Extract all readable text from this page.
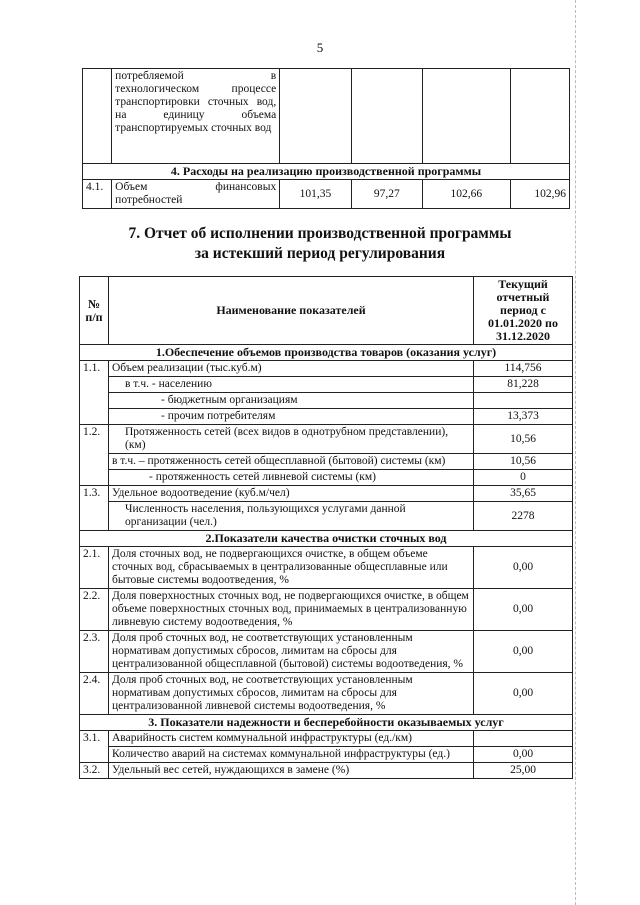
5
	потребляемой в технологическом процессе транспортировки сточных вод, на единицу объема транспортируемых сточных вод				
4. Расходы на реализацию производственной программы					
4.1.	Объем финансовых потребностей	101,35	97,27	102,66	102,96
7. Отчет об исполнении производственной программы
за истекший период регулирования
№ п/п	Наименование показателей	Текущий отчетный период с 01.01.2020 по 31.12.2020
1.Обеспечение объемов производства товаров (оказания услуг)		
1.1.	Объем реализации (тыс.куб.м)	114,756
	в т.ч. - населению	81,228
	- бюджетным организациям	
	- прочим потребителям	13,373
1.2.	Протяженность сетей (всех видов в однотрубном представлении), (км)	10,56
	в т.ч. – протяженность сетей общесплавной (бытовой) системы (км)	10,56
	- протяженность сетей ливневой системы (км)	0
1.3.	Удельное водоотведение (куб.м/чел)	35,65
	Численность населения, пользующихся услугами данной организации (чел.)	2278
2.Показатели качества очистки сточных вод		
2.1.	Доля сточных вод, не подвергающихся очистке, в общем объеме сточных вод, сбрасываемых в централизованные общесплавные или бытовые системы водоотведения, %	0,00
2.2.	Доля поверхностных сточных вод, не подвергающихся очистке, в общем объеме поверхностных сточных вод, принимаемых в централизованную ливневую систему водоотведения, %	0,00
2.3.	Доля проб сточных вод, не соответствующих установленным нормативам допустимых сбросов, лимитам на сбросы для централизованной общесплавной (бытовой) системы водоотведения, %	0,00
2.4.	Доля проб сточных вод, не соответствующих установленным нормативам допустимых сбросов, лимитам на сбросы для централизованной ливневой системы водоотведения, %	0,00
3. Показатели надежности и бесперебойности оказываемых услуг		
3.1.	Аварийность систем коммунальной инфраструктуры (ед./км)	
	Количество аварий на системах коммунальной инфраструктуры (ед.)	0,00
3.2.	Удельный вес сетей, нуждающихся в замене (%)	25,00
